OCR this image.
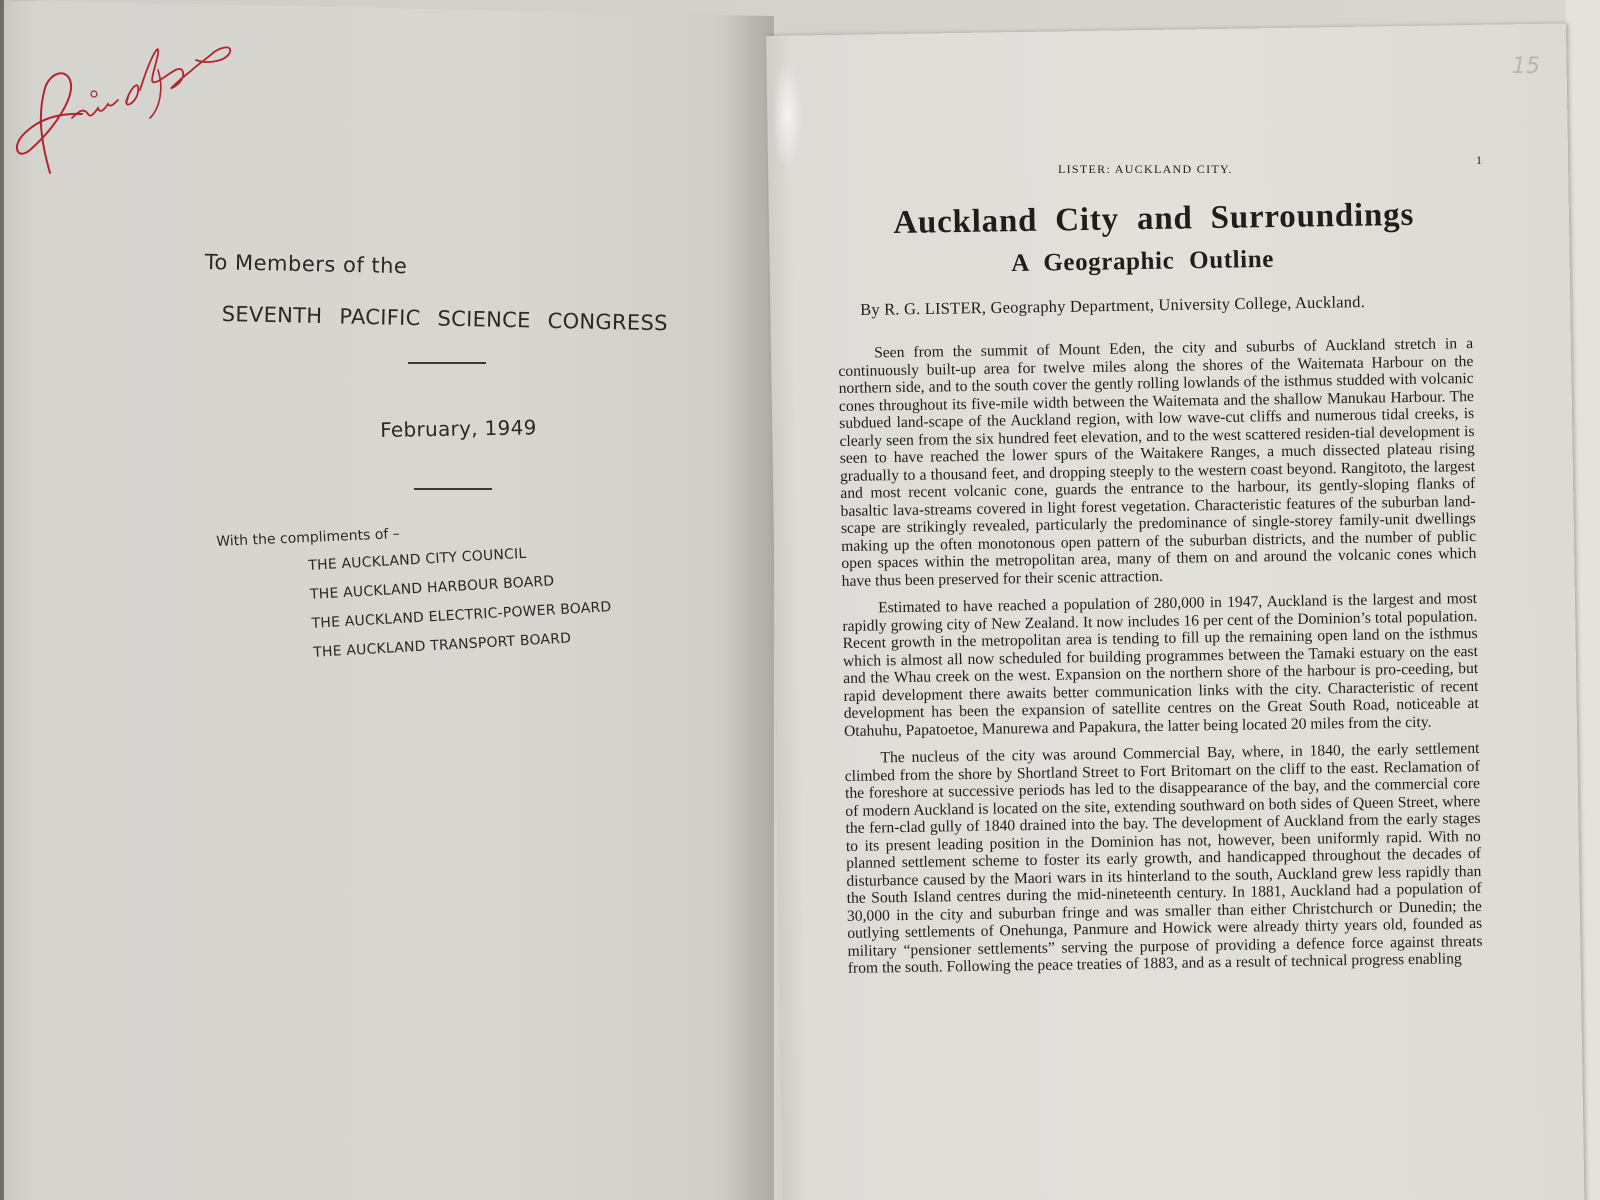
To Members of the
SEVENTH PACIFIC SCIENCE CONGRESS
February, 1949
With the compliments of –
THE AUCKLAND CITY COUNCIL
THE AUCKLAND HARBOUR BOARD
THE AUCKLAND ELECTRIC-POWER BOARD
THE AUCKLAND TRANSPORT BOARD
15
LISTER: AUCKLAND CITY.
1
Auckland City and Surroundings
A Geographic Outline
By R. G. LISTER, Geography Department, University College, Auckland.

Seen from the summit of Mount Eden, the city and suburbs of Auckland stretch in a continuously built-up area for twelve miles along the shores of the Waitemata Harbour on the northern side, and to the south cover the gently rolling lowlands of the isthmus studded with volcanic cones throughout its five-mile width between the Waitemata and the shallow Manukau Harbour. The subdued land-scape of the Auckland region, with low wave-cut cliffs and numerous tidal creeks, is clearly seen from the six hundred feet elevation, and to the west scattered residen-tial development is seen to have reached the lower spurs of the Waitakere Ranges, a much dissected plateau rising gradually to a thousand feet, and dropping steeply to the western coast beyond. Rangitoto, the largest and most recent volcanic cone, guards the entrance to the harbour, its gently-sloping flanks of basaltic lava-streams covered in light forest vegetation. Characteristic features of the suburban land-scape are strikingly revealed, particularly the predominance of single-storey family-unit dwellings making up the often monotonous open pattern of the suburban districts, and the number of public open spaces within the metropolitan area, many of them on and around the volcanic cones which have thus been preserved for their scenic attraction.

Estimated to have reached a population of 280,000 in 1947, Auckland is the largest and most rapidly growing city of New Zealand. It now includes 16 per cent of the Dominion’s total population. Recent growth in the metropolitan area is tending to fill up the remaining open land on the isthmus which is almost all now scheduled for building programmes between the Tamaki estuary on the east and the Whau creek on the west. Expansion on the northern shore of the harbour is pro-ceeding, but rapid development there awaits better communication links with the city. Characteristic of recent development has been the expansion of satellite centres on the Great South Road, noticeable at Otahuhu, Papatoetoe, Manurewa and Papakura, the latter being located 20 miles from the city.

The nucleus of the city was around Commercial Bay, where, in 1840, the early settlement climbed from the shore by Shortland Street to Fort Britomart on the cliff to the east. Reclamation of the foreshore at successive periods has led to the disappearance of the bay, and the commercial core of modern Auckland is located on the site, extending southward on both sides of Queen Street, where the fern-clad gully of 1840 drained into the bay. The development of Auckland from the early stages to its present leading position in the Dominion has not, however, been uniformly rapid. With no planned settlement scheme to foster its early growth, and handicapped throughout the decades of disturbance caused by the Maori wars in its hinterland to the south, Auckland grew less rapidly than the South Island centres during the mid-nineteenth century. In 1881, Auckland had a population of 30,000 in the city and suburban fringe and was smaller than either Christchurch or Dunedin; the outlying settlements of Onehunga, Panmure and Howick were already thirty years old, founded as military “pensioner settlements” serving the purpose of providing a defence force against threats from the south. Following the peace treaties of 1883, and as a result of technical progress enabling
